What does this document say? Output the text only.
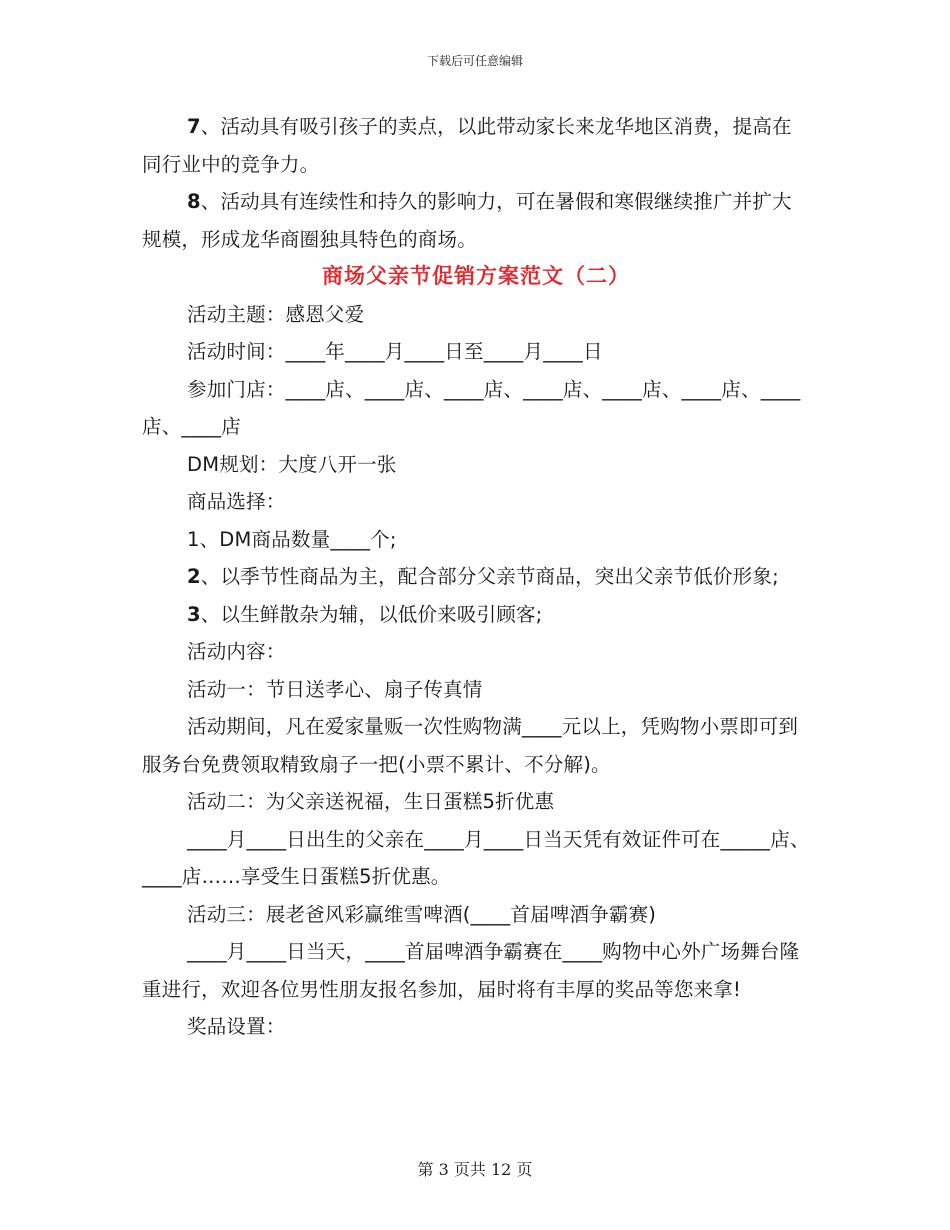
下载后可任意编辑

7、活动具有吸引孩子的卖点，以此带动家长来龙华地区消费，提高在同行业中的竞争力。

8、活动具有连续性和持久的影响力，可在暑假和寒假继续推广并扩大规模，形成龙华商圈独具特色的商场。

商场父亲节促销方案范文（二）

活动主题：感恩父爱

活动时间：____年____月____日至____月____日

参加门店：____店、____店、____店、____店、____店、____店、____店、____店

DM规划：大度八开一张

商品选择：

1、DM商品数量____个;

2、以季节性商品为主，配合部分父亲节商品，突出父亲节低价形象;

3、以生鲜散杂为辅，以低价来吸引顾客;

活动内容：

活动一：节日送孝心、扇子传真情

活动期间，凡在爱家量贩一次性购物满____元以上，凭购物小票即可到服务台免费领取精致扇子一把(小票不累计、不分解)。

活动二：为父亲送祝福，生日蛋糕5折优惠

____月____日出生的父亲在____月____日当天凭有效证件可在_____店、____店……享受生日蛋糕5折优惠。

活动三：展老爸风彩赢维雪啤酒(____首届啤酒争霸赛)

____月____日当天，____首届啤酒争霸赛在____购物中心外广场舞台隆重进行，欢迎各位男性朋友报名参加，届时将有丰厚的奖品等您来拿!

奖品设置：

第 3 页共 12 页
